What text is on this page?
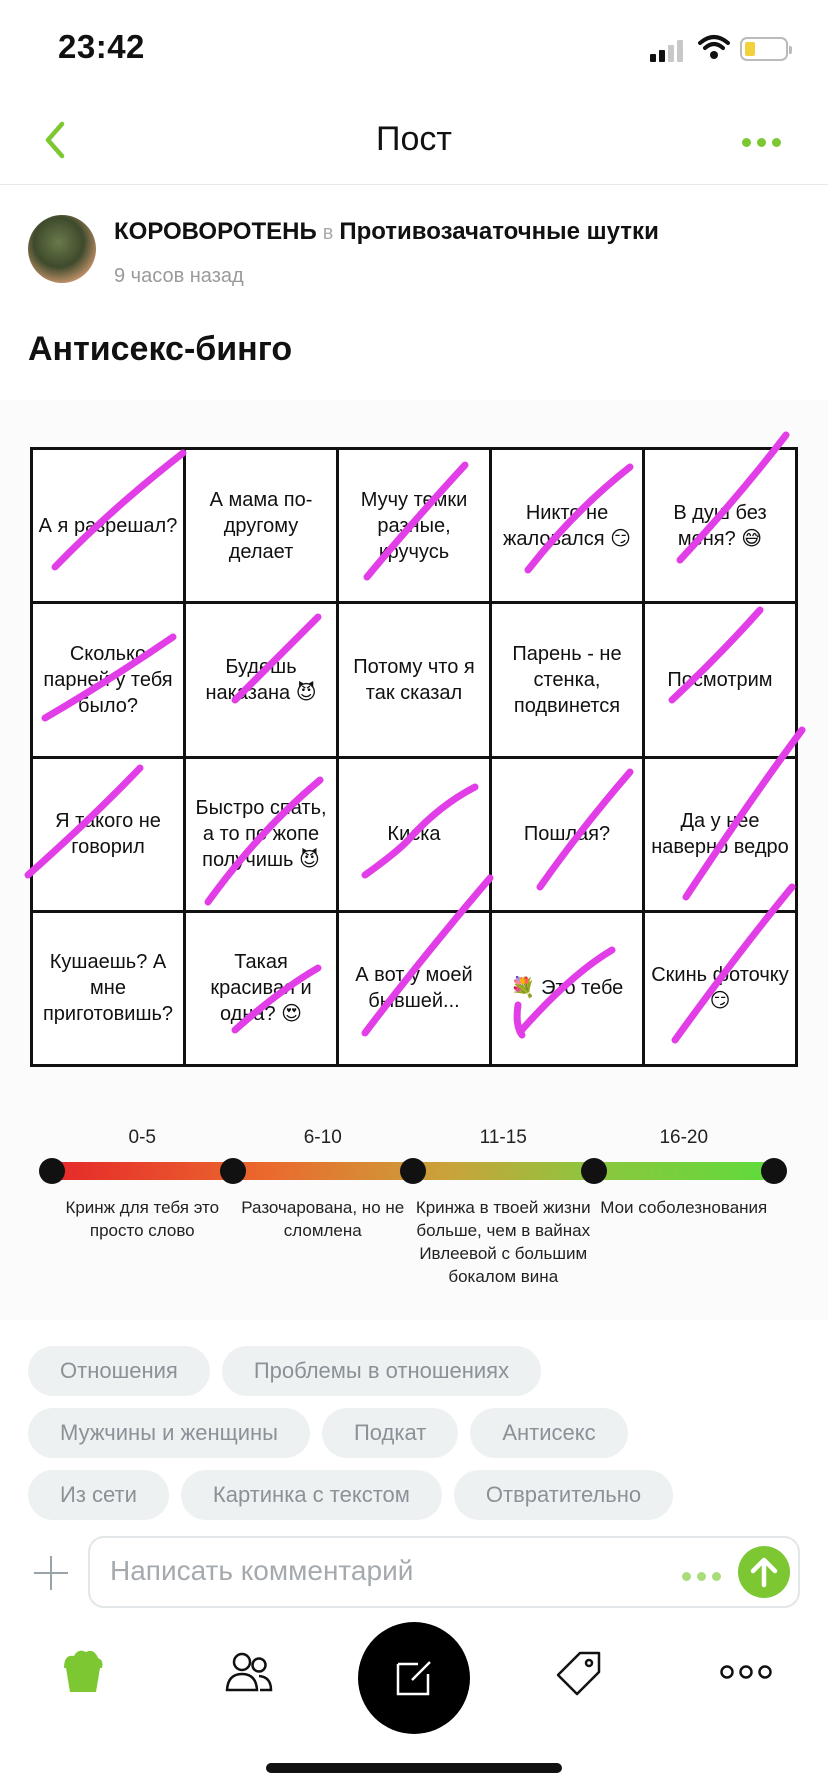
23:42
Пост
КОРОВОРОТЕНЬ в Противозачаточные шутки
9 часов назад
Антисекс-бинго
А я разрешал?	А мама по-другому делает	Мучу темки разные, кручусь	Никто не жаловался 😏	В душ без меня? 😅
Сколько парней у тебя было?	Будешь наказана 😈	Потому что я так сказал	Парень - не стенка, подвинется	Посмотрим
Я такого не говорил	Быстро спать, а то по жопе получишь 😈	Киска	Пошлая?	Да у нее наверно ведро
Кушаешь? А мне приготовишь?	Такая красивая и одна? 😍	А вот у моей бывшей...	💐 Это тебе	Скинь фоточку 😏
0-5
Кринж для тебя это просто слово
6-10
Разочарована, но не сломлена
11-15
Кринжа в твоей жизни больше, чем в вайнах Ивлеевой с большим бокалом вина
16-20
Мои соболезнования
Отношения	Проблемы в отношениях
Мужчины и женщины	Подкат	Антисекс
Из сети	Картинка с текстом	Отвратительно
Написать комментарий
